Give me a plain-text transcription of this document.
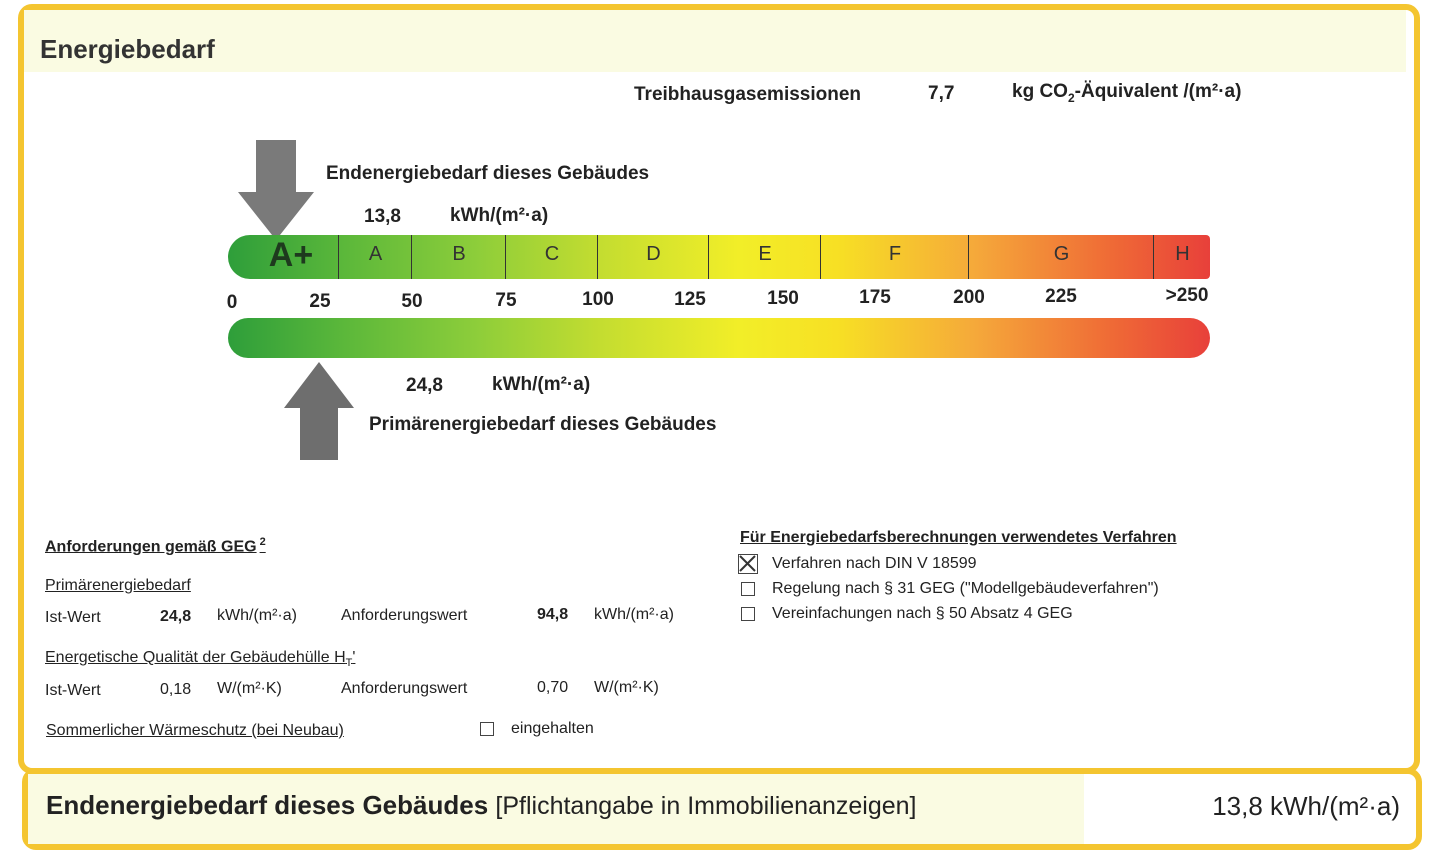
Energiebedarf
Treibhausgasemissionen	7,7	kg $CO_2$-Äquivalent /(m²·a)
Endenergiebedarf dieses Gebäudes
13,8	kWh/(m²·a)
A+	A	B	C	D	E	F	G	H
0	25	50	75	100	125	150	175	200	225	>250
24,8	kWh/(m²·a)
Primärenergiebedarf dieses Gebäudes
Anforderungen gemäß GEG $^2$
Primärenergiebedarf
Ist-Wert	24,8 kWh/(m²·a)	Anforderungswert	94,8 kWh/(m²·a)
Energetische Qualität der Gebäudehülle $H_T'$
Ist-Wert	0,18 W/(m²·K)	Anforderungswert	0,70 W/(m²·K)
Sommerlicher Wärmeschutz (bei Neubau)	eingehalten
Für Energiebedarfsberechnungen verwendetes Verfahren
Verfahren nach DIN V 18599
Regelung nach § 31 GEG ("Modellgebäudeverfahren")
Vereinfachungen nach § 50 Absatz 4 GEG
Endenergiebedarf dieses Gebäudes [Pflichtangabe in Immobilienanzeigen]	13,8 kWh/(m²·a)
